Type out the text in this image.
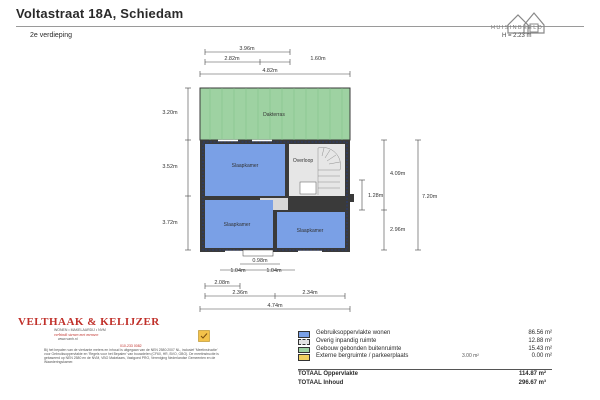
Voltastraat 18A, Schiedam
2e verdieping
HUISINBEELD
H = 2.23 m
3.96m
2.82m	1.60m
4.82m
3.20m
3.52m
3.72m
1.28m
4.09m
2.96m
7.20m
0.98m
1.04m	1.04m
2.08m
2.36m	2.34m
4.74m
Dakterras
Slaapkamer
Overloop
Slaapkamer
Slaapkamer
VELTHAAK & KELIJZER
WONEN • MAKELAARDIJ • NVM
verbindt stenen met mensen
www.vanh.nl
010-233 0082
Bij het bepalen van de vierkante meters en inhoud is uitgegaan van de NEN 2580:2007 NL, inclusief 'Meetinstructie' voor Gebruiksoppervlakte en 'Regels voor het Bepalen' van bouwdelen (CF60, HR, BVO, GBO). De meetinstructie is gebaseerd op NEN 2580 en de NVM, VBO Makelaars, Vastgoed PRO, Vereniging Nederlandse Gemeenten en de Waarderingskamer.
Gebruiksoppervlakte wonen	86.56 m²
Overig inpandig ruimte	12.88 m²
Gebouw gebonden buitenruimte	15.43 m²
Externe bergruimte / parkeerplaats	3.00 m²	0.00 m²
TOTAAL Oppervlakte	114.87 m²
TOTAAL Inhoud	296.67 m³
